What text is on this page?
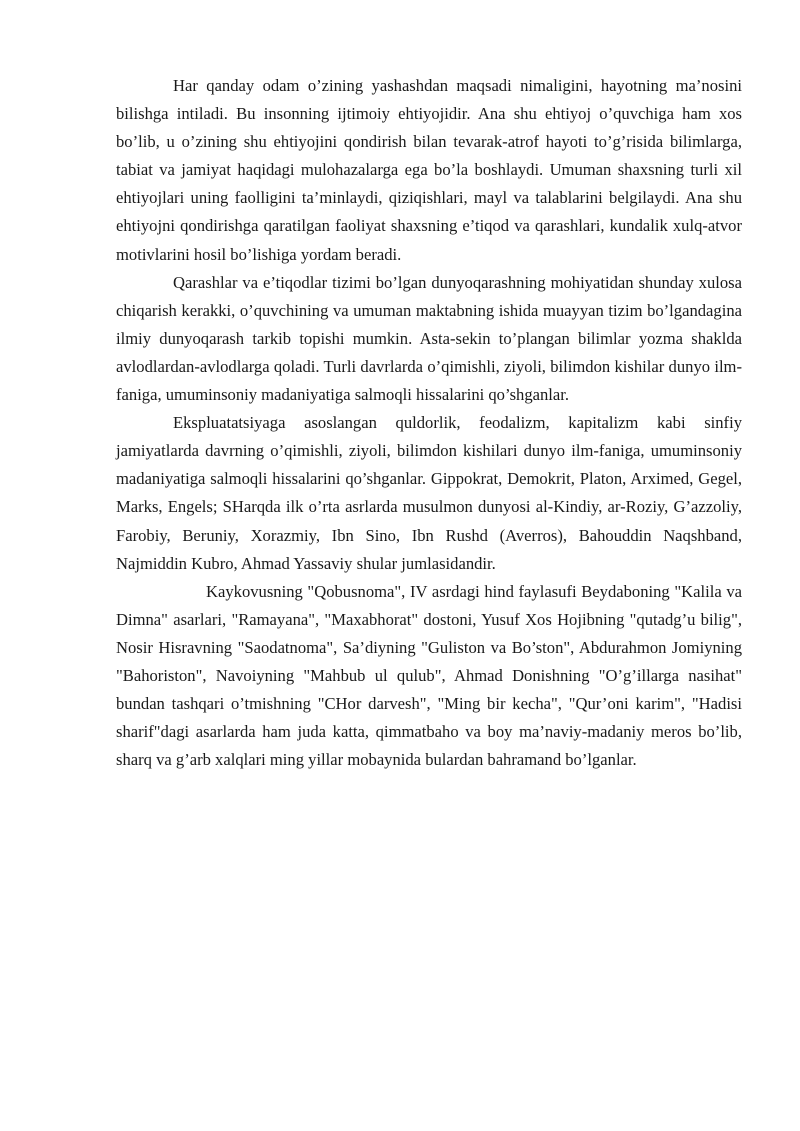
Har qanday odam o’zining yashashdan maqsadi nimaligini, hayotning ma’nosini bilishga intiladi. Bu insonning ijtimoiy ehtiyojidir. Ana shu ehtiyoj o’quvchiga ham xos bo’lib, u o’zining shu ehtiyojini qondirish bilan tevarak-atrof hayoti to’g’risida bilimlarga, tabiat va jamiyat haqidagi mulohazalarga ega bo’la boshlaydi. Umuman shaxsning turli xil ehtiyojlari uning faolligini ta’minlaydi, qiziqishlari, mayl va talablarini belgilaydi. Ana shu ehtiyojni qondirishga qaratilgan faoliyat shaxsning e’tiqod va qarashlari, kundalik xulq-atvor motivlarini hosil bo’lishiga yordam beradi.

Qarashlar va e’tiqodlar tizimi bo’lgan dunyoqarashning mohiyatidan shunday xulosa chiqarish kerakki, o’quvchining va umuman maktabning ishida muayyan tizim bo’lgandagina ilmiy dunyoqarash tarkib topishi mumkin. Asta-sekin to’plangan bilimlar yozma shaklda avlodlardan-avlodlarga qoladi. Turli davrlarda o’qimishli, ziyoli, bilimdon kishilar dunyo ilm-faniga, umuminsoniy madaniyatiga salmoqli hissalarini qo’shganlar.

Ekspluatatsiyaga asoslangan quldorlik, feodalizm, kapitalizm kabi sinfiy jamiyatlarda davrning o’qimishli, ziyoli, bilimdon kishilari dunyo ilm-faniga, umuminsoniy madaniyatiga salmoqli hissalarini qo’shganlar. Gippokrat, Demokrit, Platon, Arximed, Gegel, Marks, Engels; SHarqda ilk o’rta asrlarda musulmon dunyosi al-Kindiy, ar-Roziy, G’azzoliy, Farobiy, Beruniy, Xorazmiy, Ibn Sino, Ibn Rushd (Averros), Bahouddin Naqshband, Najmiddin Kubro, Ahmad Yassaviy shular jumlasidandir.

Kaykovusning "Qobusnoma", IV asrdagi hind faylasufi Beydaboning "Kalila va Dimna" asarlari, "Ramayana", "Maxabhorat" dostoni, Yusuf Xos Hojibning "qutadg’u bilig", Nosir Hisravning "Saodatnoma", Sa’diyning "Guliston va Bo’ston", Abdurahmon Jomiyning "Bahoriston", Navoiyning "Mahbub ul qulub", Ahmad Donishning "O’g’illarga nasihat" bundan tashqari o’tmishning "CHor darvesh", "Ming bir kecha", "Qur’oni karim", "Hadisi sharif"dagi asarlarda ham juda katta, qimmatbaho va boy ma’naviy-madaniy meros bo’lib, sharq va g’arb xalqlari ming yillar mobaynida bulardan bahramand bo’lganlar.
